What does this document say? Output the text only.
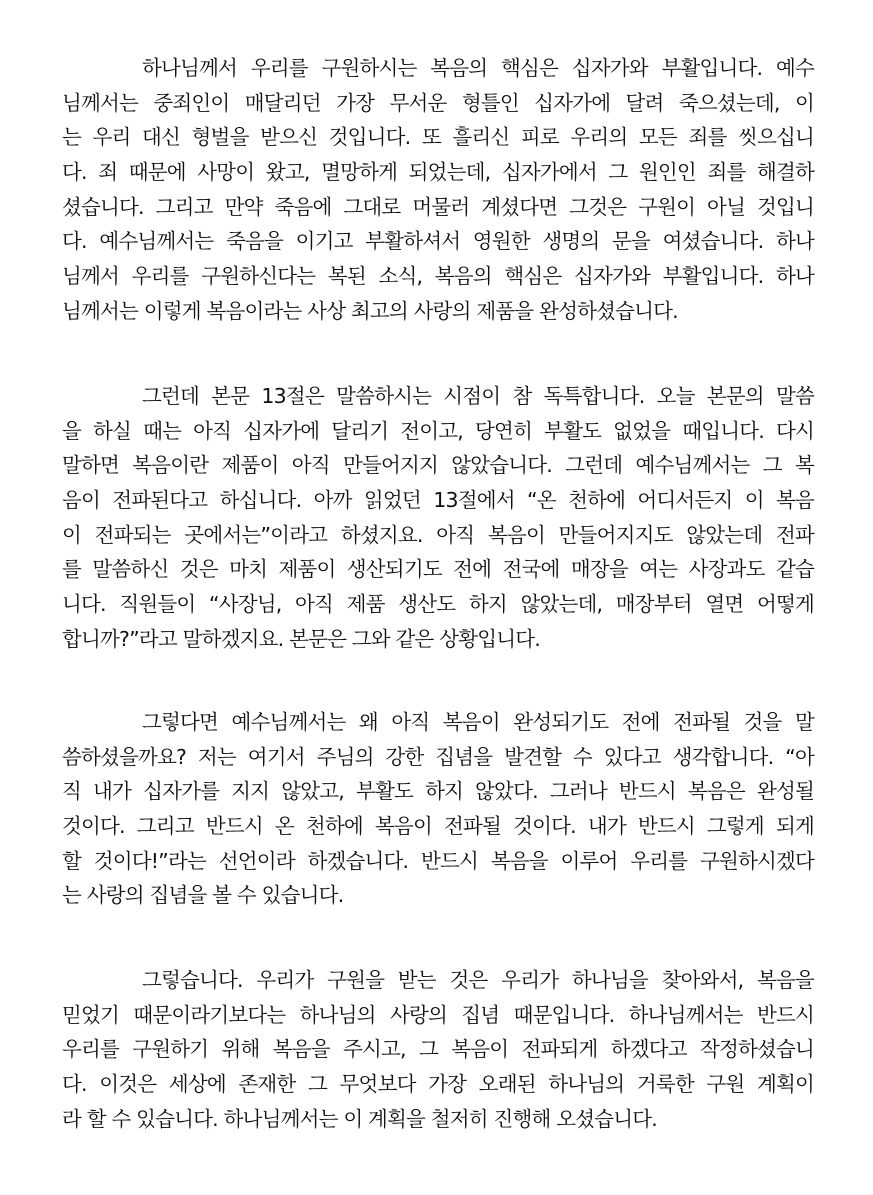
하나님께서 우리를 구원하시는 복음의 핵심은 십자가와 부활입니다. 예수
님께서는 중죄인이 매달리던 가장 무서운 형틀인 십자가에 달려 죽으셨는데, 이
는 우리 대신 형벌을 받으신 것입니다. 또 흘리신 피로 우리의 모든 죄를 씻으십니
다. 죄 때문에 사망이 왔고, 멸망하게 되었는데, 십자가에서 그 원인인 죄를 해결하
셨습니다. 그리고 만약 죽음에 그대로 머물러 계셨다면 그것은 구원이 아닐 것입니
다. 예수님께서는 죽음을 이기고 부활하셔서 영원한 생명의 문을 여셨습니다. 하나
님께서 우리를 구원하신다는 복된 소식, 복음의 핵심은 십자가와 부활입니다. 하나
님께서는 이렇게 복음이라는 사상 최고의 사랑의 제품을 완성하셨습니다.
그런데 본문 13절은 말씀하시는 시점이 참 독특합니다. 오늘 본문의 말씀
을 하실 때는 아직 십자가에 달리기 전이고, 당연히 부활도 없었을 때입니다. 다시
말하면 복음이란 제품이 아직 만들어지지 않았습니다. 그런데 예수님께서는 그 복
음이 전파된다고 하십니다. 아까 읽었던 13절에서 “온 천하에 어디서든지 이 복음
이 전파되는 곳에서는”이라고 하셨지요. 아직 복음이 만들어지지도 않았는데 전파
를 말씀하신 것은 마치 제품이 생산되기도 전에 전국에 매장을 여는 사장과도 같습
니다. 직원들이 “사장님, 아직 제품 생산도 하지 않았는데, 매장부터 열면 어떻게
합니까?”라고 말하겠지요. 본문은 그와 같은 상황입니다.
그렇다면 예수님께서는 왜 아직 복음이 완성되기도 전에 전파될 것을 말
씀하셨을까요? 저는 여기서 주님의 강한 집념을 발견할 수 있다고 생각합니다. “아
직 내가 십자가를 지지 않았고, 부활도 하지 않았다. 그러나 반드시 복음은 완성될
것이다. 그리고 반드시 온 천하에 복음이 전파될 것이다. 내가 반드시 그렇게 되게
할 것이다!”라는 선언이라 하겠습니다. 반드시 복음을 이루어 우리를 구원하시겠다
는 사랑의 집념을 볼 수 있습니다.
그렇습니다. 우리가 구원을 받는 것은 우리가 하나님을 찾아와서, 복음을
믿었기 때문이라기보다는 하나님의 사랑의 집념 때문입니다. 하나님께서는 반드시
우리를 구원하기 위해 복음을 주시고, 그 복음이 전파되게 하겠다고 작정하셨습니
다. 이것은 세상에 존재한 그 무엇보다 가장 오래된 하나님의 거룩한 구원 계획이
라 할 수 있습니다. 하나님께서는 이 계획을 철저히 진행해 오셨습니다.
